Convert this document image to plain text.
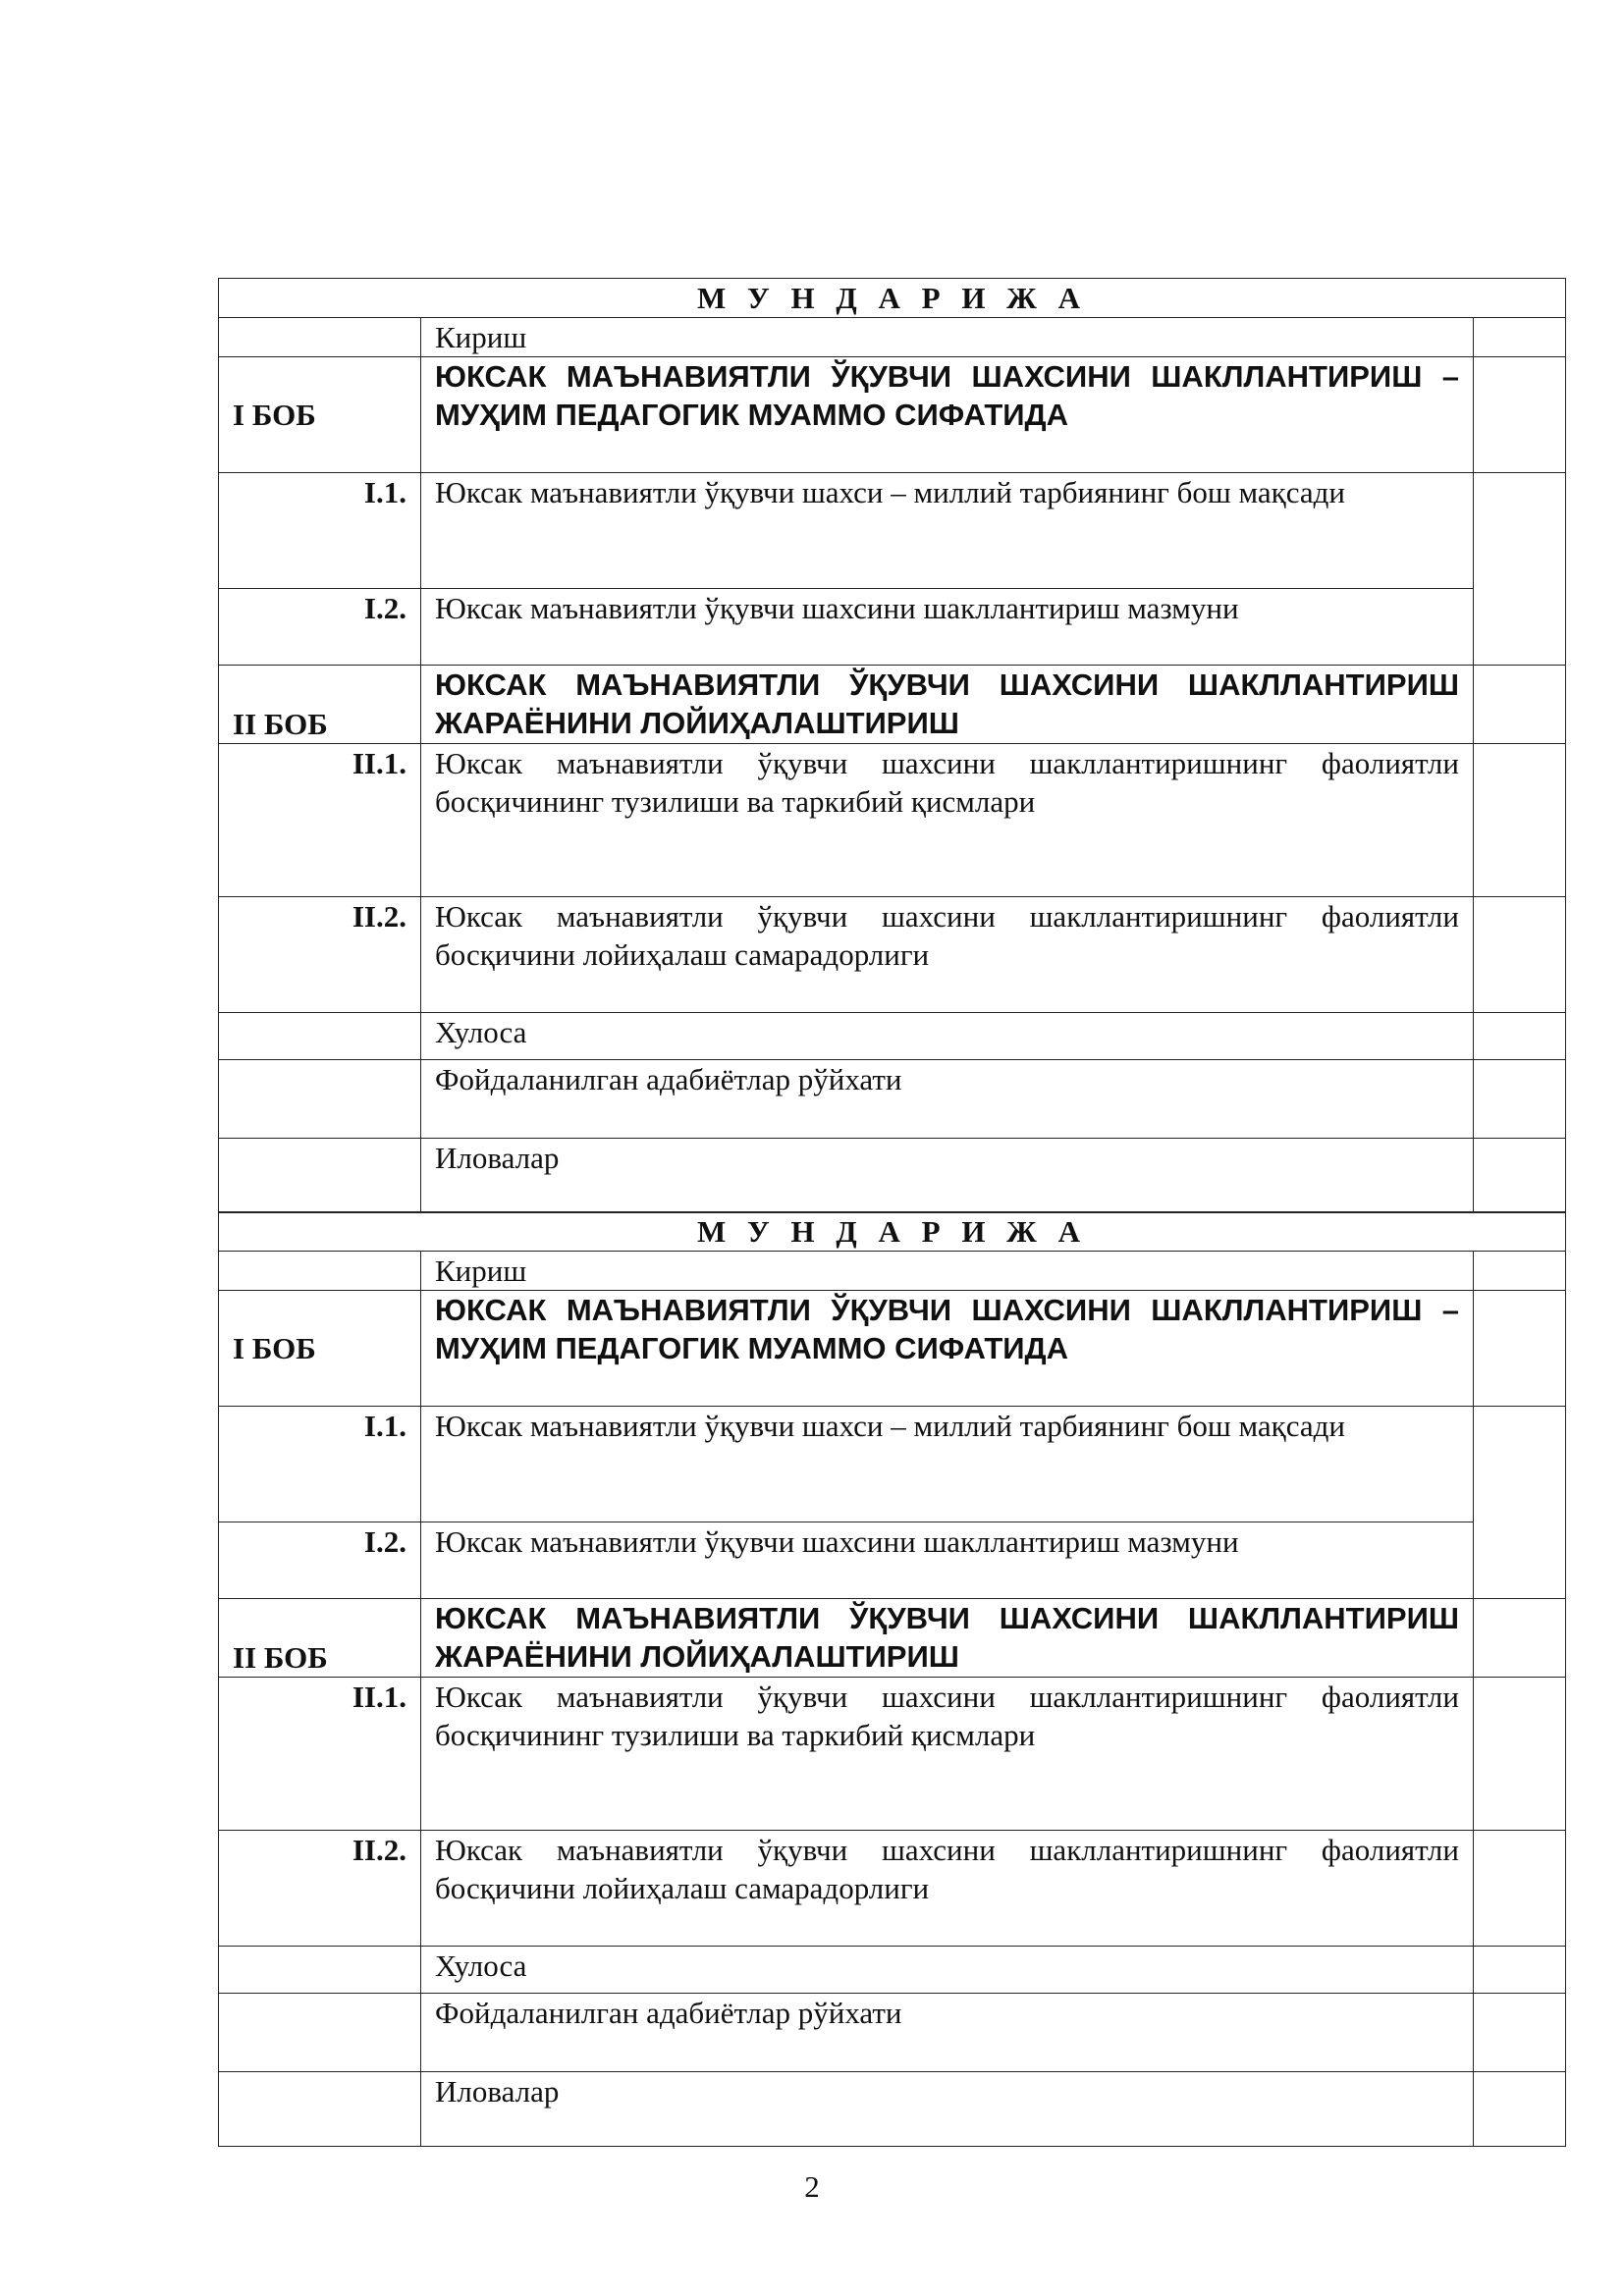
М У Н Д А Р И Ж А		
	Кириш	
I БОБ	ЮКСАК МАЪНАВИЯТЛИ ЎҚУВЧИ ШАХСИНИ ШАКЛЛАНТИРИШ – МУҲИМ ПЕДАГОГИК МУАММО СИФАТИДА	
I.1.	Юксак маънавиятли ўқувчи шахси – миллий тарбиянинг бош мақсади	
I.2.	Юксак маънавиятли ўқувчи шахсини шакллантириш мазмуни	
II БОБ	ЮКСАК МАЪНАВИЯТЛИ ЎҚУВЧИ ШАХСИНИ ШАКЛЛАНТИРИШ ЖАРАЁНИНИ ЛОЙИҲАЛАШТИРИШ	
II.1.	Юксак маънавиятли ўқувчи шахсини шакллантиришнинг фаолиятли босқичининг тузилиши ва таркибий қисмлари	
II.2.	Юксак маънавиятли ўқувчи шахсини шакллантиришнинг фаолиятли босқичини лойиҳалаш самарадорлиги	
	Хулоса	
	Фойдаланилган адабиётлар рўйхати	
	Иловалар	
М У Н Д А Р И Ж А		
	Кириш	
I БОБ	ЮКСАК МАЪНАВИЯТЛИ ЎҚУВЧИ ШАХСИНИ ШАКЛЛАНТИРИШ – МУҲИМ ПЕДАГОГИК МУАММО СИФАТИДА	
I.1.	Юксак маънавиятли ўқувчи шахси – миллий тарбиянинг бош мақсади	
I.2.	Юксак маънавиятли ўқувчи шахсини шакллантириш мазмуни	
II БОБ	ЮКСАК МАЪНАВИЯТЛИ ЎҚУВЧИ ШАХСИНИ ШАКЛЛАНТИРИШ ЖАРАЁНИНИ ЛОЙИҲАЛАШТИРИШ	
II.1.	Юксак маънавиятли ўқувчи шахсини шакллантиришнинг фаолиятли босқичининг тузилиши ва таркибий қисмлари	
II.2.	Юксак маънавиятли ўқувчи шахсини шакллантиришнинг фаолиятли босқичини лойиҳалаш самарадорлиги	
	Хулоса	
	Фойдаланилган адабиётлар рўйхати	
	Иловалар	
2
